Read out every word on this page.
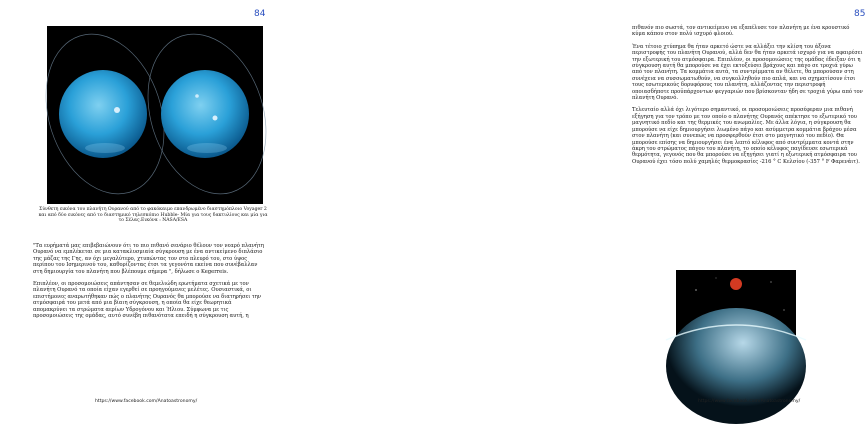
84
Σύνθετη εικόνα του πλανήτη Ουρανού από το φακόκαιμο επανδρωμένο διαστημόπλοιο Voyager 2 και από δύο εικόνες από το διαστημικό τηλεσκόπιο Hubble- Μία για τους δακτυλίους και μία για το Σέλας.Εικόνα : NASA/ESA

"Τα ευρήματά μας επιβεβαιώνουν ότι το πιο πιθανό σενάριο θέλουν τον νεαρό πλανήτη Ουρανό να εμπλέκεται σε μια κατακλυσμιαία σύγκρουση με ένα αντικείμενο διπλάσιο της μάζας της Γης, αν όχι μεγαλύτερο, χτυπώντας τον στο πλευρό του, στο ύψος περίπου του Ισημερινού του, καθορίζοντας έτσι τα γεγονότα εκείνα που συνέβαλλαν στη δημιουργία του πλανήτη που βλέπουμε σήμερα ", δήλωσε ο Kegerreis.

Επιπλέον, οι προσομοιώσεις απάντησαν σε θεμελιώδη ερωτήματα σχετικά με τον πλανήτη Ουρανό τα οποία είχαν εγερθεί σε προηγούμενες μελέτες. Ουσιαστικά, οι επιστήμονες αναρωτήθηκαν πώς ο πλανήτης Ουρανός θα μπορούσε να διατηρήσει την ατμόσφαιρά του μετά από μια βίαιη σύγκρουση, η οποία θα είχε θεωρητικά απομακρύνει τα στρώματα αερίων Υδρογόνου και Ήλιου. Σύμφωνα με τις προσομοιώσεις της ομάδας, αυτό συνέβη πιθανότατα επειδή η σύγκρουση αυτή, η

https://www.facebook.com/Anatoastronomy/
85

πιθανόν πιο σωστά, τον αντικείμενο να εξαπέλυσε τον πλανήτη με ένα κρουστικό κύμα κάπου στον πολύ ισχυρό φλοιού.

Ένα τέτοιο χτύπημα θα ήταν αρκετό ώστε να αλλάξει την κλίση του άξονα περιστροφής του πλανήτη Ουρανού, αλλά δεν θα ήταν αρκετά ισχυρό για να αφαιρέσει την εξωτερική του ατμόσφαιρα. Επιπλέον, οι προσομοιώσεις της ομάδας έδειξαν ότι η σύγκρουση αυτή θα μπορούσε να έχει εκτοξεύσει βράχους και πάγο σε τροχιά γύρω από τον πλανήτη. Τα κομμάτια αυτά, τα συντρίμματα αν θέλετε, θα μπορούσαν στη συνέχεια να συσσωματωθούν, να συγκολληθούν πιο απλά, και να σχηματίσουν έτσι τους εσωτερικούς δορυφόρους του πλανήτη, αλλάζοντας την περιστροφή οποιασδήποτε προϋπάρχοντων φεγγαριών που βρίσκονταν ήδη σε τροχιά γύρω από τον πλανήτη Ουρανό.

Τελευταίο αλλά όχι λιγότερο σημαντικό, οι προσομοιώσεις προσέφεραν μια πιθανή εξήγηση για τον τρόπο με τον οποίο ο πλανήτης Ουρανός απέκτησε το εξωτερικό του μαγνητικό πεδίο και της θερμικές του ανωμαλίες. Με άλλα λόγια, η σύγκρουση θα μπορούσε να είχε δημιουργήσει λιωμένο πάγο και ασύμμετρα κομμάτια βράχου μέσα στον πλανήτη (και συνεπώς να προσφερθούν έτσι στο μαγνητικό του πεδίο). Θα μπορούσε επίσης να δημιουργήσει ένα λεπτό κέλυφος από συντρίμματα κοντά στην άκρη του στρώματος πάγου του πλανήτη, το οποίο κέλυφος παγίδευσε εσωτερικά θερμότητα, γεγονός που θα μπορούσε να εξηγήσει γιατί η εξωτερική ατμόσφαιρα του Ουρανού έχει τόσο πολύ χαμηλές θερμοκρασίες -216 ° C Κελσίου (-357 ° F Φαρενάιτ).

https://www.facebook.com/Anatoastronomy/
